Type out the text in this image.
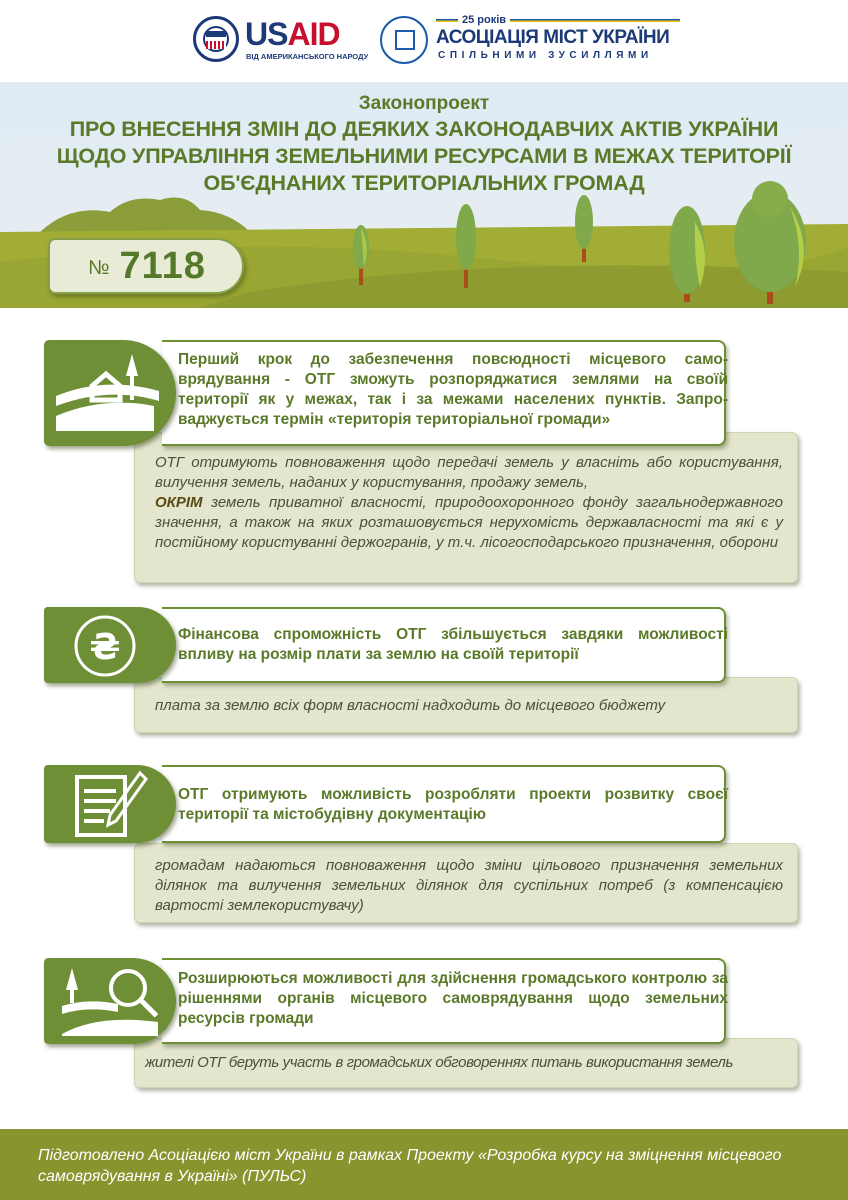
USAID
ВІД АМЕРИКАНСЬКОГО НАРОДУ
25 років
АСОЦІАЦІЯ МІСТ УКРАЇНИ
СПІЛЬНИМИ ЗУСИЛЛЯМИ
Законопроект
ПРО ВНЕСЕННЯ ЗМІН ДО ДЕЯКИХ ЗАКОНОДАВЧИХ АКТІВ УКРАЇНИ
ЩОДО УПРАВЛІННЯ ЗЕМЕЛЬНИМИ РЕСУРСАМИ В МЕЖАХ ТЕРИТОРІЇ
ОБ'ЄДНАНИХ ТЕРИТОРІАЛЬНИХ ГРОМАД
№ 7118

ОТГ отримують повноваження щодо передачі земель у власніть або користування, вилучення земель, наданих у користування, продажу земель,
ОКРІМ земель приватної власності, природоохоронного фонду загальнодержавного значення, а також на яких розташовується нерухомість державласності та які є у постійному користуванні держогранів, у т.ч. лісогосподарського призначення, оборони

Перший крок до забезпечення повсюдності місцевого самоврядування - ОТГ зможуть розпоряджатися землями на своїй території як у межах, так і за межами населених пунктів. Запроваджується термін «територія територіальної громади»

плата за землю всіх форм власності надходить до місцевого бюджету

₴	Фінансова спроможність ОТГ збільшується завдяки можливості впливу на розмір плати за землю на своїй території

громадам надаються повноваження щодо зміни цільового призначення земельних ділянок та вилучення земельних ділянок для суспільних потреб (з компенсацією вартості землекористувачу)

ОТГ отримують можливість розробляти проекти розвитку своєї території та містобудівну документацію

жителі ОТГ беруть участь в громадських обговореннях питань використання земель

Розширюються можливості для здійснення громадського контролю за рішеннями органів місцевого самоврядування щодо земельних ресурсів громади

Підготовлено Асоціацією міст України в рамках Проекту «Розробка курсу на зміцнення місцевого самоврядування в Україні» (ПУЛЬС)
